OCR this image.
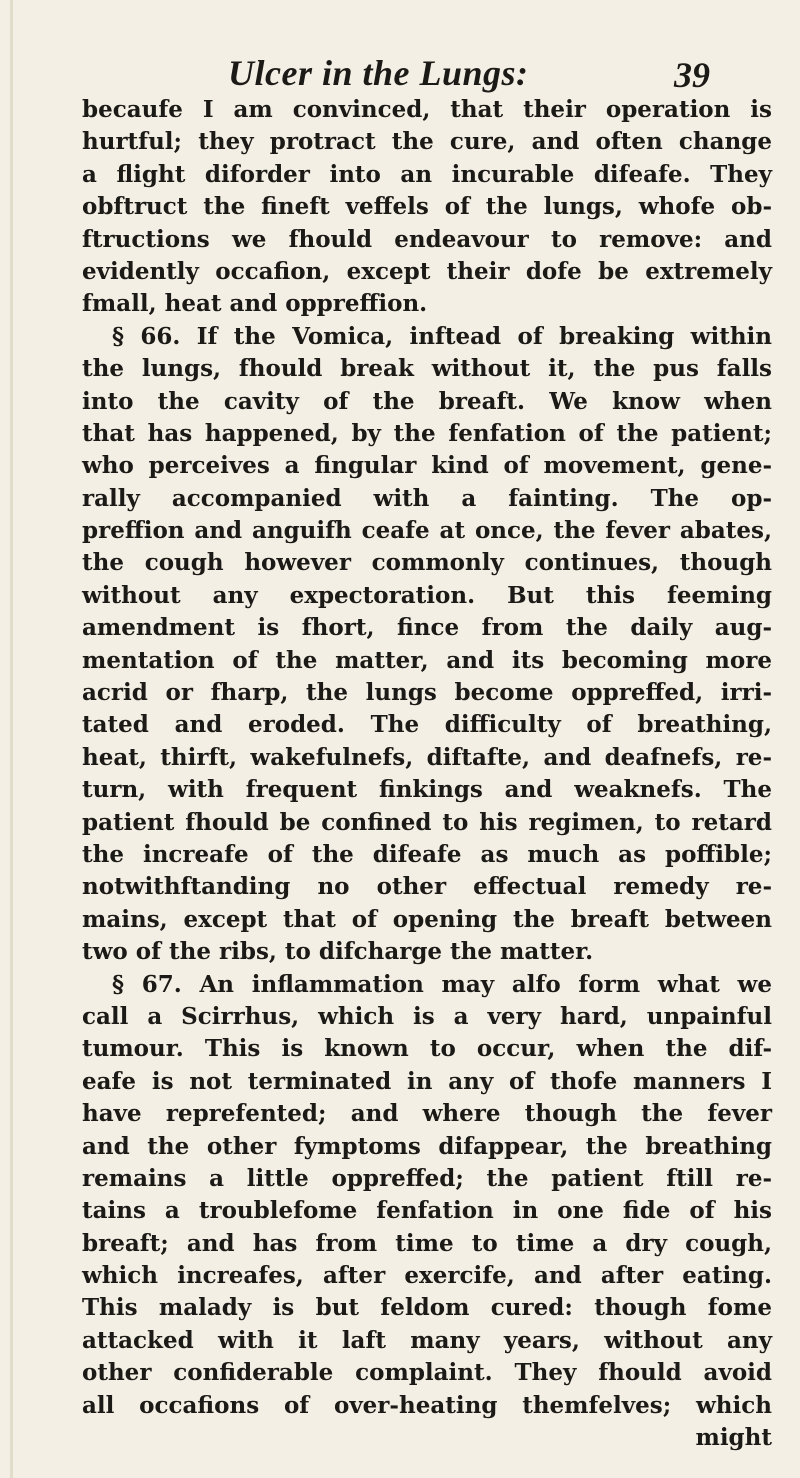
Ulcer in the Lungs:	39
becaufe I am convinced, that their operation is
hurtful; they protract the cure, and often change
a flight diforder into an incurable difeafe. They
obftruct the fineft veffels of the lungs, whofe ob-
ftructions we fhould endeavour to remove: and
evidently occafion, except their dofe be extremely
fmall, heat and oppreffion.
§ 66. If the Vomica, inftead of breaking within
the lungs, fhould break without it, the pus falls
into the cavity of the breaft. We know when
that has happened, by the fenfation of the patient;
who perceives a fingular kind of movement, gene-
rally accompanied with a fainting. The op-
preffion and anguifh ceafe at once, the fever abates,
the cough however commonly continues, though
without any expectoration. But this feeming
amendment is fhort, fince from the daily aug-
mentation of the matter, and its becoming more
acrid or fharp, the lungs become oppreffed, irri-
tated and eroded. The difficulty of breathing,
heat, thirft, wakefulnefs, diftafte, and deafnefs, re-
turn, with frequent finkings and weaknefs. The
patient fhould be confined to his regimen, to retard
the increafe of the difeafe as much as poffible;
notwithftanding no other effectual remedy re-
mains, except that of opening the breaft between
two of the ribs, to difcharge the matter.
§ 67. An inflammation may alfo form what we
call a Scirrhus, which is a very hard, unpainful
tumour. This is known to occur, when the dif-
eafe is not terminated in any of thofe manners I
have reprefented; and where though the fever
and the other fymptoms difappear, the breathing
remains a little oppreffed; the patient ftill re-
tains a troublefome fenfation in one fide of his
breaft; and has from time to time a dry cough,
which increafes, after exercife, and after eating.
This malady is but feldom cured: though fome
attacked with it laft many years, without any
other confiderable complaint. They fhould avoid
all occafions of over-heating themfelves; which
might
